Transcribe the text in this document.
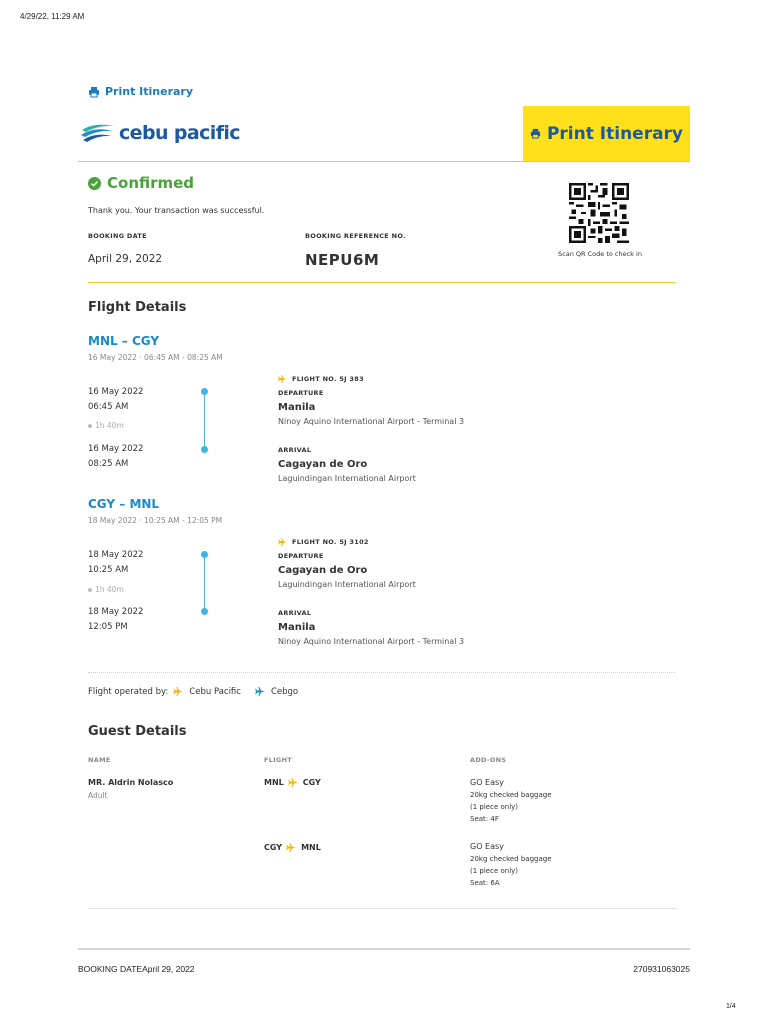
4/29/22, 11:29 AM
Print Itinerary
cebu pacific	Print Itinerary
Confirmed
Thank you. Your transaction was successful.
BOOKING DATE
April 29, 2022
BOOKING REFERENCE NO.
NEPU6M	Scan QR Code to check in
Flight Details
MNL – CGY
16 May 2022 · 06:45 AM - 08:25 AM
16 May 2022
06:45 AM
1h 40m
16 May 2022
08:25 AM
FLIGHT NO. 5J 383
DEPARTURE
Manila
Ninoy Aquino International Airport - Terminal 3
ARRIVAL
Cagayan de Oro
Laguindingan International Airport
CGY – MNL
18 May 2022 · 10:25 AM - 12:05 PM
18 May 2022
10:25 AM
1h 40m
18 May 2022
12:05 PM
FLIGHT NO. 5J 3102
DEPARTURE
Cagayan de Oro
Laguindingan International Airport
ARRIVAL
Manila
Ninoy Aquino International Airport - Terminal 3
Flight operated by: Cebu Pacific	Cebgo
Guest Details
NAME	FLIGHT	ADD-ONS
MR. Aldrin Nolasco
Adult
MNL CGY	GO Easy
20kg checked baggage
(1 piece only)
Seat: 4F
CGY MNL	GO Easy
20kg checked baggage
(1 piece only)
Seat: 6A
BOOKING DATEApril 29, 2022	270931063025
1/4
